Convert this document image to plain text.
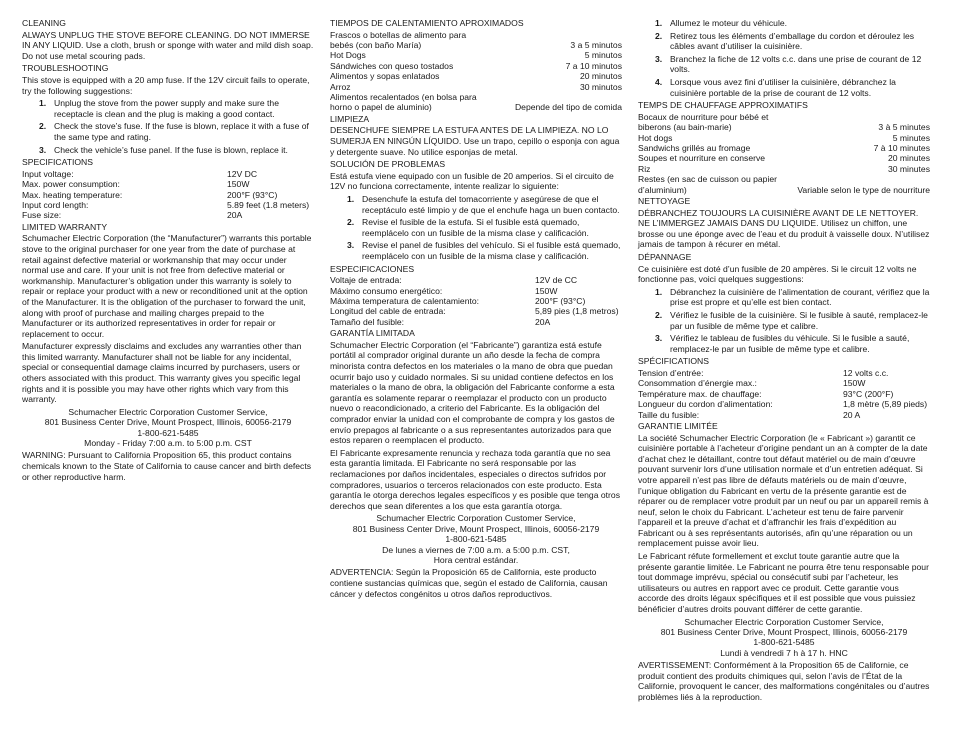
CLEANING

ALWAYS UNPLUG THE STOVE BEFORE CLEANING. DO NOT IMMERSE IN ANY LIQUID. Use a cloth, brush or sponge with water and mild dish soap. Do not use metal scouring pads.

TROUBLESHOOTING

This stove is equipped with a 20 amp fuse. If the 12V circuit fails to operate, try the following suggestions:

1. Unplug the stove from the power supply and make sure the receptacle is clean and the plug is making a good contact.
2. Check the stove’s fuse. If the fuse is blown, replace it with a fuse of the same type and rating.
3. Check the vehicle’s fuse panel. If the fuse is blown, replace it.
SPECIFICATIONS
Input voltage:	12V DC
Max. power consumption:	150W
Max. heating temperature:	200°F (93°C)
Input cord length:	5.89 feet (1.8 meters)
Fuse size:	20A
LIMITED WARRANTY

Schumacher Electric Corporation (the “Manufacturer”) warrants this portable stove to the original purchaser for one year from the date of purchase at retail against defective material or workmanship that may occur under normal use and care. If your unit is not free from defective material or workmanship. Manufacturer’s obligation under this warranty is solely to repair or replace your product with a new or reconditioned unit at the option of the Manufacturer. It is the obligation of the purchaser to forward the unit, along with proof of purchase and mailing charges prepaid to the Manufacturer or its authorized representatives in order for repair or replacement to occur.

Manufacturer expressly disclaims and excludes any warranties other than this limited warranty. Manufacturer shall not be liable for any incidental, special or consequential damage claims incurred by purchasers, users or others associated with this product. This warranty gives you specific legal rights and it is possible you may have other rights which vary from this warranty.

Schumacher Electric Corporation Customer Service,
801 Business Center Drive, Mount Prospect, Illinois, 60056-2179
1-800-621-5485
Monday - Friday 7:00 a.m. to 5:00 p.m. CST

WARNING: Pursuant to California Proposition 65, this product contains chemicals known to the State of California to cause cancer and birth defects or other reproductive harm.

TIEMPOS DE CALENTAMIENTO APROXIMADOS
Frascos o botellas de alimento para bebés (con baño María)	3 a 5 minutos
Hot Dogs	5 minutos
Sándwiches con queso tostados	7 a 10 minutos
Alimentos y sopas enlatados	20 minutos
Arroz	30 minutos
Alimentos recalentados (en bolsa para horno o papel de aluminio)	Depende del tipo de comida
LIMPIEZA

DESENCHUFE SIEMPRE LA ESTUFA ANTES DE LA LIMPIEZA. NO LO SUMERJA EN NINGÚN LÍQUIDO. Use un trapo, cepillo o esponja con agua y detergente suave. No utilice esponjas de metal.

SOLUCIÓN DE PROBLEMAS

Está estufa viene equipado con un fusible de 20 amperios. Si el circuito de 12V no funciona correctamente, intente realizar lo siguiente:

1. Desenchufe la estufa del tomacorriente y asegúrese de que el receptáculo esté limpio y de que el enchufe haga un buen contacto.
2. Revise el fusible de la estufa. Si el fusible está quemado, reemplácelo con un fusible de la misma clase y calificación.
3. Revise el panel de fusibles del vehículo. Si el fusible está quemado, reemplácelo con un fusible de la misma clase y calificación.
ESPECIFICACIONES
Voltaje de entrada:	12V de CC
Máximo consumo energético:	150W
Máxima temperatura de calentamiento:	200°F (93°C)
Longitud del cable de entrada:	5,89 pies (1,8 metros)
Tamaño del fusible:	20A
GARANTÍA LIMITADA

Schumacher Electric Corporation (el “Fabricante”) garantiza está estufe portátil al comprador original durante un año desde la fecha de compra minorista contra defectos en los materiales o la mano de obra que puedan ocurrir bajo uso y cuidado normales. Si su unidad contiene defectos en los materiales o la mano de obra, la obligación del Fabricante conforme a esta garantía es solamente reparar o reemplazar el producto con un producto nuevo o reacondicionado, a criterio del Fabricante. Es la obligación del comprador enviar la unidad con el comprobante de compra y los gastos de envío prepagos al fabricante o a sus representantes autorizados para que estos reparen o reemplacen el producto.

El Fabricante expresamente renuncia y rechaza toda garantía que no sea esta garantía limitada. El Fabricante no será responsable por las reclamaciones por daños incidentales, especiales o directos sufridos por compradores, usuarios o terceros relacionados con este producto. Esta garantía le otorga derechos legales específicos y es posible que tenga otros derechos que sean diferentes a los que esta garantía otorga.

Schumacher Electric Corporation Customer Service,
801 Business Center Drive, Mount Prospect, Illinois, 60056-2179
1-800-621-5485
De lunes a viernes de 7:00 a.m. a 5:00 p.m. CST,
Hora central estándar.

ADVERTENCIA: Según la Proposición 65 de California, este producto contiene sustancias químicas que, según el estado de California, causan cáncer y defectos congénitos u otros daños reproductivos.

1. Allumez le moteur du véhicule.
2. Retirez tous les éléments d’emballage du cordon et déroulez les câbles avant d’utiliser la cuisinière.
3. Branchez la fiche de 12 volts c.c. dans une prise de courant de 12 volts.
4. Lorsque vous avez fini d’utiliser la cuisinière, débranchez la cuisinière portable de la prise de courant de 12 volts.
TEMPS DE CHAUFFAGE APPROXIMATIFS
Bocaux de nourriture pour bébé et biberons (au bain-marie)	3 à 5 minutes
Hot dogs	5 minutes
Sandwichs grillés au fromage	7 à 10 minutes
Soupes et nourriture en conserve	20 minutes
Riz	30 minutes
Restes (en sac de cuisson ou papier d’aluminium)	Variable selon le type de nourriture
NETTOYAGE

DÉBRANCHEZ TOUJOURS LA CUISINIÈRE AVANT DE LE NETTOYER. NE L’IMMERGEZ JAMAIS DANS DU LIQUIDE. Utilisez un chiffon, une brosse ou une éponge avec de l’eau et du produit à vaisselle doux. N’utilisez jamais de tampon à récurer en métal.

DÉPANNAGE

Ce cuisinière est doté d’un fusible de 20 ampères. Si le circuit 12 volts ne fonctionne pas, voici quelques suggestions:

1. Débranchez la cuisinière de l’alimentation de courant, vérifiez que la prise est propre et qu’elle est bien contact.
2. Vérifiez le fusible de la cuisinière. Si le fusible à sauté, remplacez-le par un fusible de même type et calibre.
3. Vérifiez le tableau de fusibles du véhicule. Si le fusible a sauté, remplacez-le par un fusible de même type et calibre.
SPÉCIFICATIONS
Tension d’entrée:	12 volts c.c.
Consommation d’énergie max.:	150W
Température max. de chauffage:	93°C (200°F)
Longueur du cordon d’alimentation:	1,8 mètre (5,89 pieds)
Taille du fusible:	20 A
GARANTIE LIMITÉE

La société Schumacher Electric Corporation (le « Fabricant ») garantit ce cuisinière portable à l’acheteur d’origine pendant un an à compter de la date d’achat chez le détaillant, contre tout défaut matériel ou de main d’œuvre pouvant survenir lors d’une utilisation normale et d’un entretien adéquat. Si votre appareil n’est pas libre de défauts matériels ou de main d’œuvre, l’unique obligation du Fabricant en vertu de la présente garantie est de réparer ou de remplacer votre produit par un neuf ou par un appareil remis à neuf, selon le choix du Fabricant. L’acheteur est tenu de faire parvenir l’appareil et la preuve d’achat et d’affranchir les frais d’expédition au Fabricant ou à ses représentants autorisés, afin qu’une réparation ou un remplacement puisse avoir lieu.

Le Fabricant réfute formellement et exclut toute garantie autre que la présente garantie limitée. Le Fabricant ne pourra être tenu responsable pour tout dommage imprévu, spécial ou consécutif subi par l’acheteur, les utilisateurs ou autres en rapport avec ce produit. Cette garantie vous accorde des droits légaux spécifiques et il est possible que vous puissiez bénéficier d’autres droits pouvant différer de cette garantie.

Schumacher Electric Corporation Customer Service,
801 Business Center Drive, Mount Prospect, Illinois, 60056-2179
1-800-621-5485
Lundi à vendredi 7 h à 17 h. HNC

AVERTISSEMENT: Conformément à la Proposition 65 de Californie, ce produit contient des produits chimiques qui, selon l’avis de l’État de la Californie, provoquent le cancer, des malformations congénitales ou d’autres problèmes liés à la reproduction.
